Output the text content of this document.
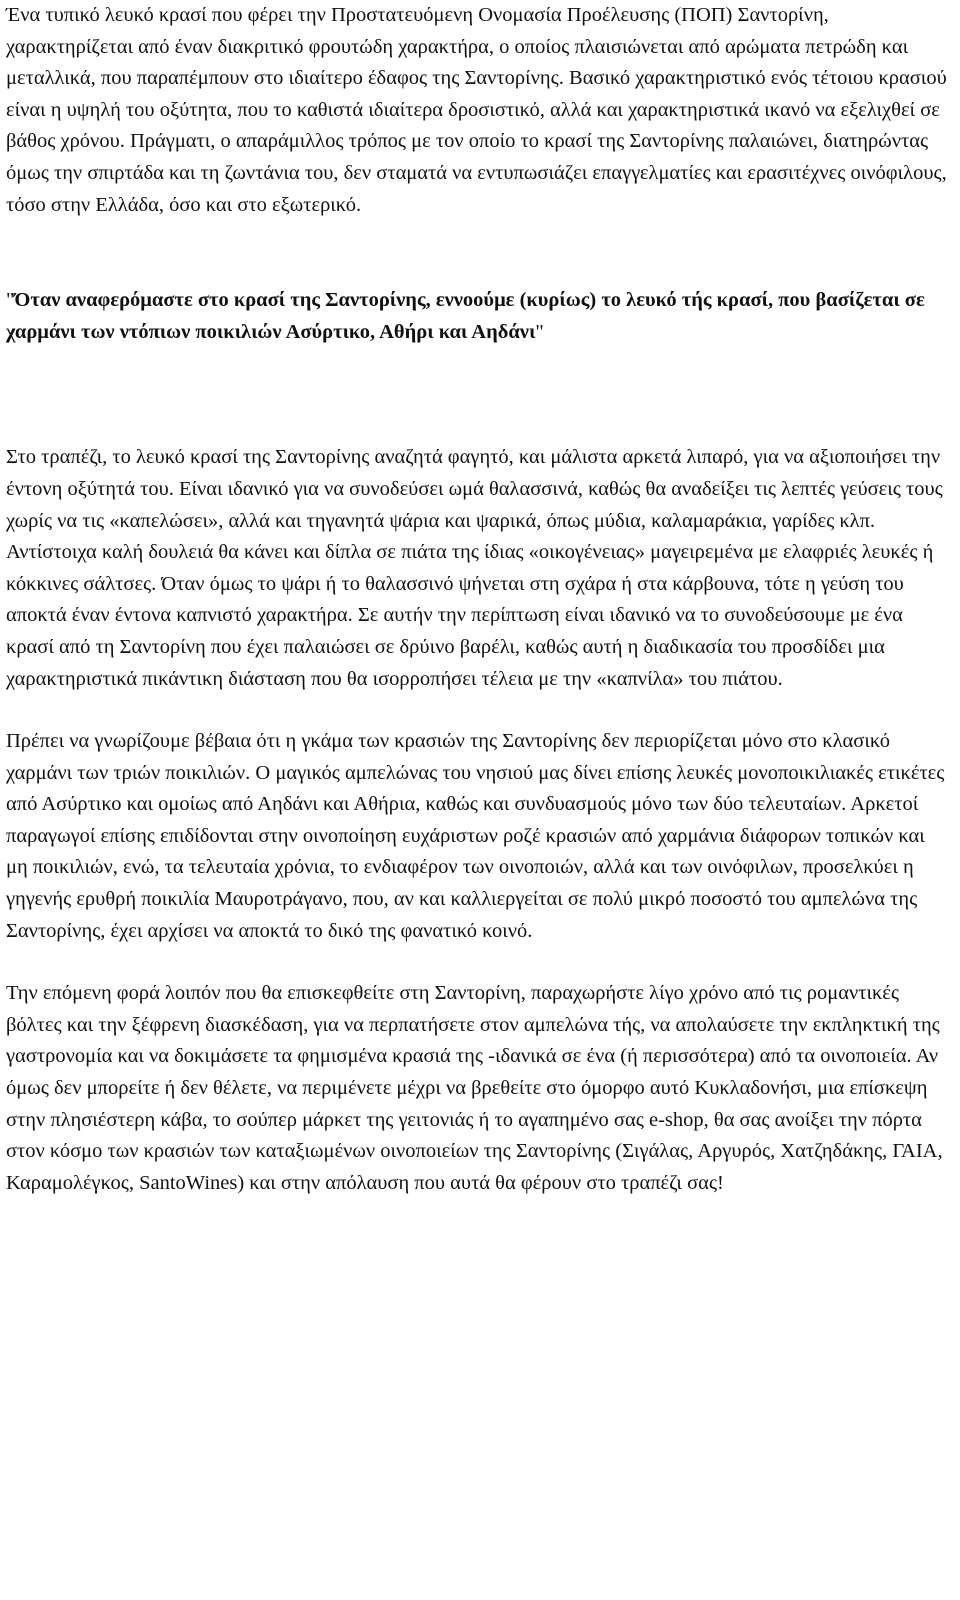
Ένα τυπικό λευκό κρασί που φέρει την Προστατευόμενη Ονομασία Προέλευσης (ΠΟΠ) Σαντορίνη, χαρακτηρίζεται από έναν διακριτικό φρουτώδη χαρακτήρα, ο οποίος πλαισιώνεται από αρώματα πετρώδη και μεταλλικά, που παραπέμπουν στο ιδιαίτερο έδαφος της Σαντορίνης. Βασικό χαρακτηριστικό ενός τέτοιου κρασιού είναι η υψηλή του οξύτητα, που το καθιστά ιδιαίτερα δροσιστικό, αλλά και χαρακτηριστικά ικανό να εξελιχθεί σε βάθος χρόνου. Πράγματι, ο απαράμιλλος τρόπος με τον οποίο το κρασί της Σαντορίνης παλαιώνει, διατηρώντας όμως την σπιρτάδα και τη ζωντάνια του, δεν σταματά να εντυπωσιάζει επαγγελματίες και ερασιτέχνες οινόφιλους, τόσο στην Ελλάδα, όσο και στο εξωτερικό.

"Όταν αναφερόμαστε στο κρασί της Σαντορίνης, εννοούμε (κυρίως) το λευκό τής κρασί, που βασίζεται σε χαρμάνι των ντόπιων ποικιλιών Ασύρτικο, Αθήρι και Αηδάνι"

Στο τραπέζι, το λευκό κρασί της Σαντορίνης αναζητά φαγητό, και μάλιστα αρκετά λιπαρό, για να αξιοποιήσει την έντονη οξύτητά του. Είναι ιδανικό για να συνοδεύσει ωμά θαλασσινά, καθώς θα αναδείξει τις λεπτές γεύσεις τους χωρίς να τις «καπελώσει», αλλά και τηγανητά ψάρια και ψαρικά, όπως μύδια, καλαμαράκια, γαρίδες κλπ. Αντίστοιχα καλή δουλειά θα κάνει και δίπλα σε πιάτα της ίδιας «οικογένειας» μαγειρεμένα με ελαφριές λευκές ή κόκκινες σάλτσες. Όταν όμως το ψάρι ή το θαλασσινό ψήνεται στη σχάρα ή στα κάρβουνα, τότε η γεύση του αποκτά έναν έντονα καπνιστό χαρακτήρα. Σε αυτήν την περίπτωση είναι ιδανικό να το συνοδεύσουμε με ένα κρασί από τη Σαντορίνη που έχει παλαιώσει σε δρύινο βαρέλι, καθώς αυτή η διαδικασία του προσδίδει μια χαρακτηριστικά πικάντικη διάσταση που θα ισορροπήσει τέλεια με την «καπνίλα» του πιάτου.

Πρέπει να γνωρίζουμε βέβαια ότι η γκάμα των κρασιών της Σαντορίνης δεν περιορίζεται μόνο στο κλασικό χαρμάνι των τριών ποικιλιών. Ο μαγικός αμπελώνας του νησιού μας δίνει επίσης λευκές μονοποικιλιακές ετικέτες από Ασύρτικο και ομοίως από Αηδάνι και Αθήρια, καθώς και συνδυασμούς μόνο των δύο τελευταίων. Αρκετοί παραγωγοί επίσης επιδίδονται στην οινοποίηση ευχάριστων ροζέ κρασιών από χαρμάνια διάφορων τοπικών και μη ποικιλιών, ενώ, τα τελευταία χρόνια, το ενδιαφέρον των οινοποιών, αλλά και των οινόφιλων, προσελκύει η γηγενής ερυθρή ποικιλία Μαυροτράγανο, που, αν και καλλιεργείται σε πολύ μικρό ποσοστό του αμπελώνα της Σαντορίνης, έχει αρχίσει να αποκτά το δικό της φανατικό κοινό.

Την επόμενη φορά λοιπόν που θα επισκεφθείτε στη Σαντορίνη, παραχωρήστε λίγο χρόνο από τις ρομαντικές βόλτες και την ξέφρενη διασκέδαση, για να περπατήσετε στον αμπελώνα τής, να απολαύσετε την εκπληκτική της γαστρονομία και να δοκιμάσετε τα φημισμένα κρασιά της -ιδανικά σε ένα (ή περισσότερα) από τα οινοποιεία. Αν όμως δεν μπορείτε ή δεν θέλετε, να περιμένετε μέχρι να βρεθείτε στο όμορφο αυτό Κυκλαδονήσι, μια επίσκεψη στην πλησιέστερη κάβα, το σούπερ μάρκετ της γειτονιάς ή το αγαπημένο σας e-shop, θα σας ανοίξει την πόρτα στον κόσμο των κρασιών των καταξιωμένων οινοποιείων της Σαντορίνης (Σιγάλας, Αργυρός, Χατζηδάκης, ΓΑΙΑ, Καραμολέγκος, SantoWines) και στην απόλαυση που αυτά θα φέρουν στο τραπέζι σας!
